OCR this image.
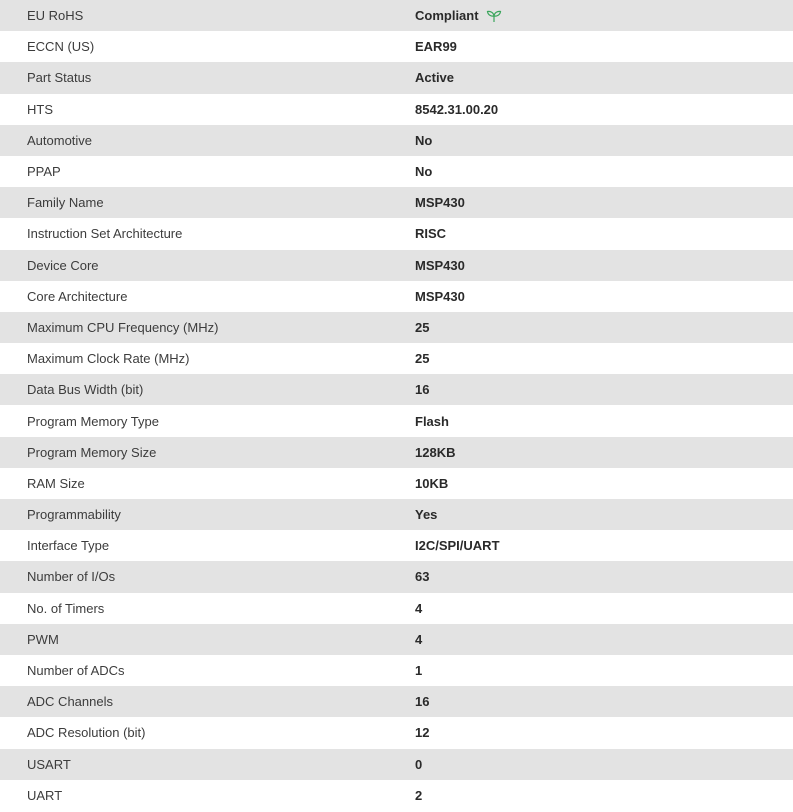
EU RoHS	Compliant
ECCN (US)	EAR99
Part Status	Active
HTS	8542.31.00.20
Automotive	No
PPAP	No
Family Name	MSP430
Instruction Set Architecture	RISC
Device Core	MSP430
Core Architecture	MSP430
Maximum CPU Frequency (MHz)	25
Maximum Clock Rate (MHz)	25
Data Bus Width (bit)	16
Program Memory Type	Flash
Program Memory Size	128KB
RAM Size	10KB
Programmability	Yes
Interface Type	I2C/SPI/UART
Number of I/Os	63
No. of Timers	4
PWM	4
Number of ADCs	1
ADC Channels	16
ADC Resolution (bit)	12
USART	0
UART	2
